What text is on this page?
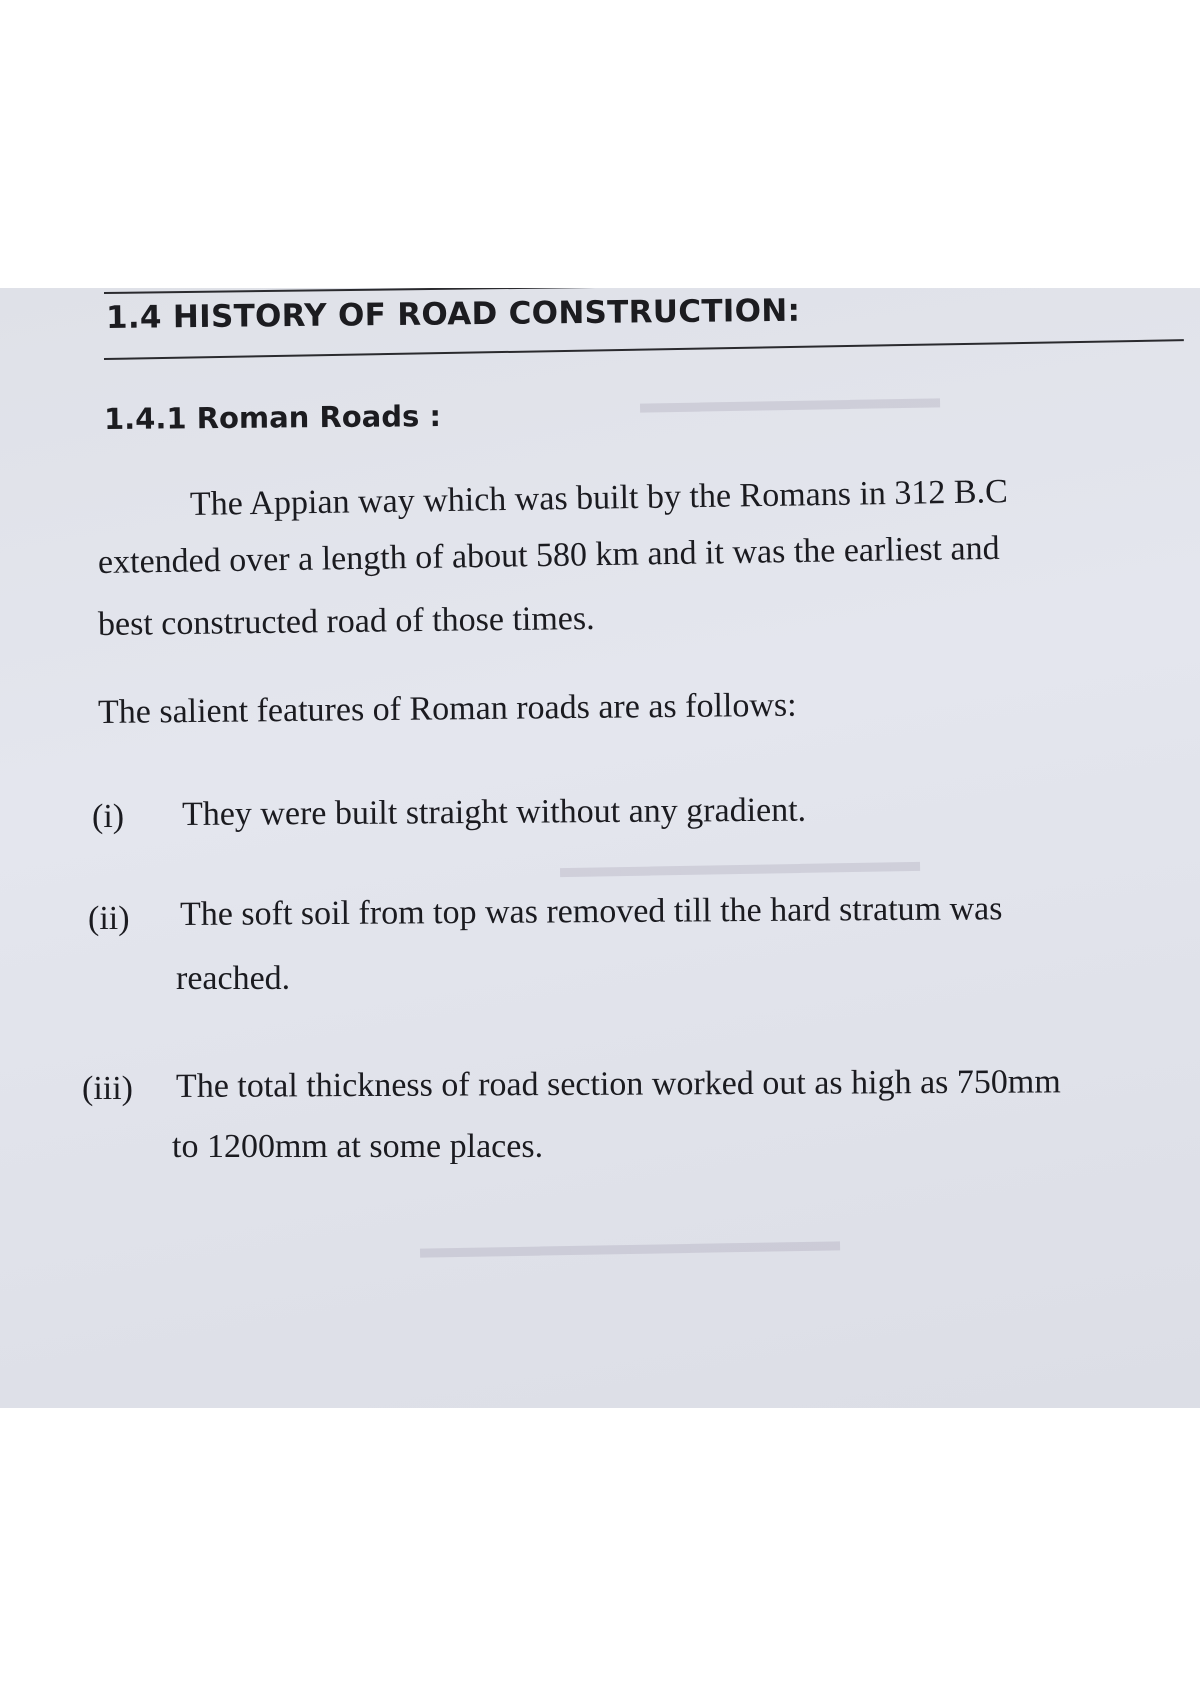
▬▬▬▬▬▬▬▬▬▬
▬▬▬▬▬▬▬▬▬▬▬▬
▬▬▬▬▬▬▬▬▬▬▬▬▬▬
1.4 HISTORY OF ROAD CONSTRUCTION:
1.4.1 Roman Roads :
The Appian way which was built by the Romans in 312 B.C
extended over a length of about 580 km and it was the earliest and
best constructed road of those times.
The salient features of Roman roads are as follows:
(i) They were built straight without any gradient.
(ii) The soft soil from top was removed till the hard stratum was
reached.
(iii) The total thickness of road section worked out as high as 750mm
to 1200mm at some places.
